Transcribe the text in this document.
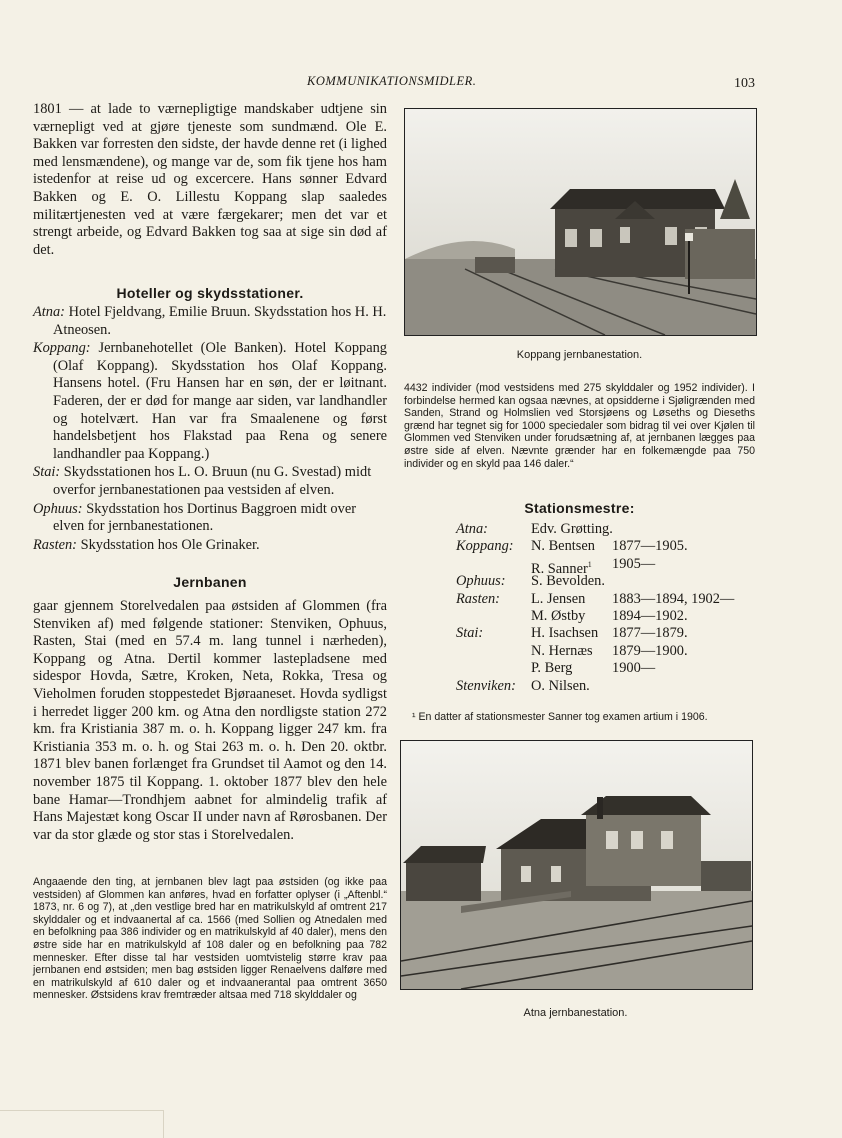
KOMMUNIKATIONSMIDLER.	103

1801 — at lade to værnepligtige mandskaber udtjene sin værnepligt ved at gjøre tjeneste som sundmænd. Ole E. Bakken var forresten den sidste, der havde denne ret (i lighed med lensmændene), og mange var de, som fik tjene hos ham istedenfor at reise ud og excercere. Hans sønner Edvard Bakken og E. O. Lillestu Koppang slap saaledes militærtjenesten ved at være færgekarer; men det var et strengt arbeide, og Edvard Bakken tog saa at sige sin død af det.

Hoteller og skydsstationer.
Atna: Hotel Fjeldvang, Emilie Bruun. Skydsstation hos H. H. Atneosen.
Koppang: Jernbanehotellet (Ole Banken). Hotel Koppang (Olaf Koppang). Skydsstation hos Olaf Koppang. Hansens hotel. (Fru Hansen har en søn, der er løitnant. Faderen, der er død for mange aar siden, var landhandler og hotelvært. Han var fra Smaalenene og først handelsbetjent hos Flakstad paa Rena og senere landhandler paa Koppang.)
Stai: Skydsstationen hos L. O. Bruun (nu G. Svestad) midt overfor jernbanestationen paa vestsiden af elven.
Ophuus: Skydsstation hos Dortinus Baggroen midt over elven for jernbanestationen.
Rasten: Skydsstation hos Ole Grinaker.
Jernbanen

gaar gjennem Storelvedalen paa østsiden af Glommen (fra Stenviken af) med følgende stationer: Stenviken, Ophuus, Rasten, Stai (med en 57.4 m. lang tunnel i nærheden), Koppang og Atna. Dertil kommer lastepladsene med sidespor Hovda, Sætre, Kroken, Neta, Rokka, Tresa og Vieholmen foruden stoppestedet Bjøraaneset. Hovda sydligst i herredet ligger 200 km. og Atna den nordligste station 272 km. fra Kristiania 387 m. o. h. Koppang ligger 247 km. fra Kristiania 353 m. o. h. og Stai 263 m. o. h. Den 20. oktbr. 1871 blev banen forlænget fra Grundset til Aamot og den 14. november 1875 til Koppang. 1. oktober 1877 blev den hele bane Hamar—Trondhjem aabnet for almindelig trafik af Hans Majestæt kong Oscar II under navn af Rørosbanen. Der var da stor glæde og stor stas i Storelvedalen.

Angaaende den ting, at jernbanen blev lagt paa østsiden (og ikke paa vestsiden) af Glommen kan anføres, hvad en forfatter oplyser (i „Aftenbl.“ 1873, nr. 6 og 7), at „den vestlige bred har en matrikulskyld af omtrent 217 skylddaler og et indvaanertal af ca. 1566 (med Sollien og Atnedalen med en befolkning paa 386 individer og en matrikulskyld af 40 daler), mens den østre side har en matrikulskyld af 108 daler og en befolkning paa 782 mennesker. Efter disse tal har vestsiden uomtvistelig større krav paa jernbanen end østsiden; men bag østsiden ligger Renaelvens dalføre med en matrikulskyld af 610 daler og et indvaanerantal paa omtrent 3650 mennesker. Østsidens krav fremtræder altsaa med 718 skylddaler og
Koppang jernbanestation.
4432 individer (mod vestsidens med 275 skylddaler og 1952 individer). I forbindelse hermed kan ogsaa nævnes, at opsidderne i Sjøligrænden med Sanden, Strand og Holmslien ved Storsjøens og Løseths og Dieseths grænd har tegnet sig for 1000 speciedaler som bidrag til vei over Kjølen til Glommen ved Stenviken under forudsætning af, at jernbanen lægges paa østre side af elven. Nævnte grænder har en folkemængde paa 750 individer og en skyld paa 146 daler.“
Stationsmestre:
Atna:	Edv. Grøtting.
Koppang: N. Bentsen 1877—1905.
R. Sanner$^1$ 1905—
Ophuus: S. Bevolden.
Rasten: L. Jensen 1883—1894, 1902—
M. Østby 1894—1902.
Stai:	H. Isachsen 1877—1879.
N. Hernæs 1879—1900.
P. Berg	1900—
Stenviken: O. Nilsen.
¹ En datter af stationsmester Sanner tog examen artium i 1906.
Atna jernbanestation.
